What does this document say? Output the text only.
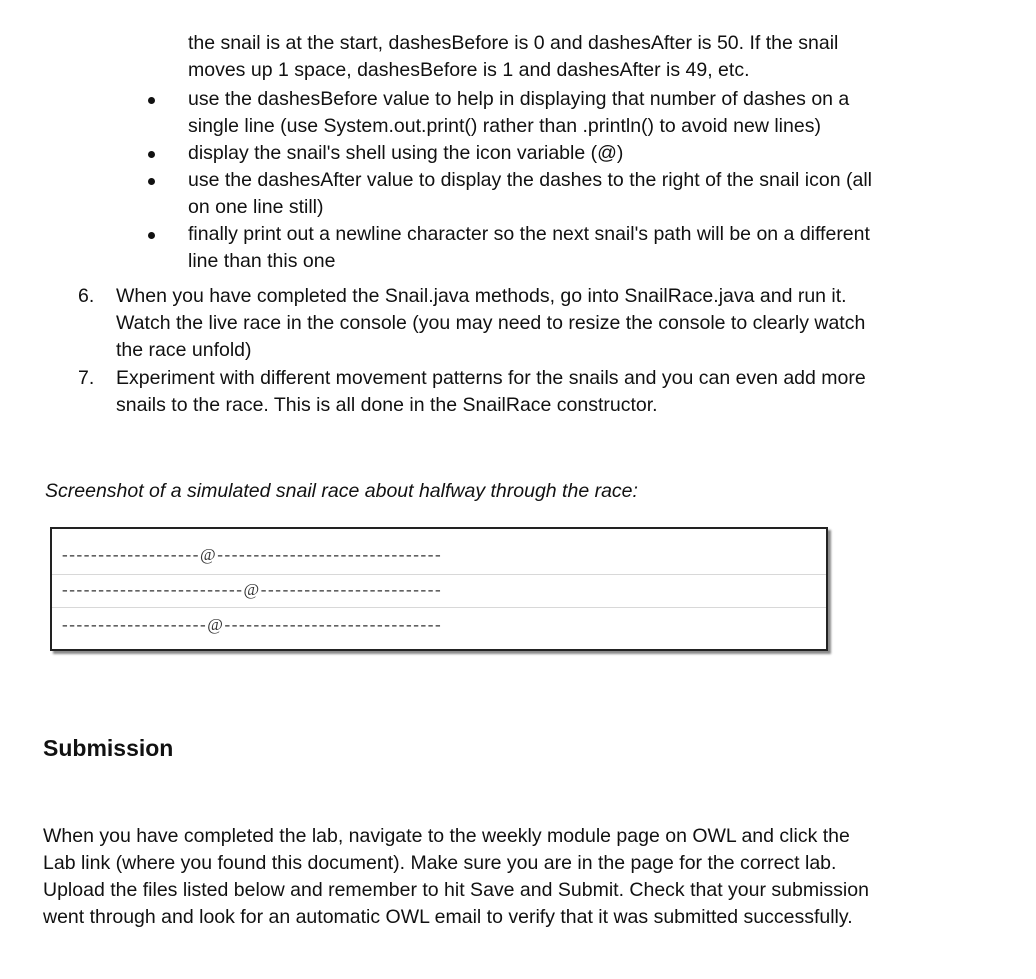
the snail is at the start, dashesBefore is 0 and dashesAfter is 50. If the snail
moves up 1 space, dashesBefore is 1 and dashesAfter is 49, etc.
use the dashesBefore value to help in displaying that number of dashes on a
single line (use System.out.print() rather than .println() to avoid new lines)
display the snail's shell using the icon variable (@)
use the dashesAfter value to display the dashes to the right of the snail icon (all
on one line still)
finally print out a newline character so the next snail's path will be on a different
line than this one
6. When you have completed the Snail.java methods, go into SnailRace.java and run it.
Watch the live race in the console (you may need to resize the console to clearly watch
the race unfold)
7. Experiment with different movement patterns for the snails and you can even add more
snails to the race. This is all done in the SnailRace constructor.
Screenshot of a simulated snail race about halfway through the race:
-------------------@-------------------------------
-------------------------@-------------------------
--------------------@------------------------------
Submission
When you have completed the lab, navigate to the weekly module page on OWL and click the
Lab link (where you found this document). Make sure you are in the page for the correct lab.
Upload the files listed below and remember to hit Save and Submit. Check that your submission
went through and look for an automatic OWL email to verify that it was submitted successfully.
